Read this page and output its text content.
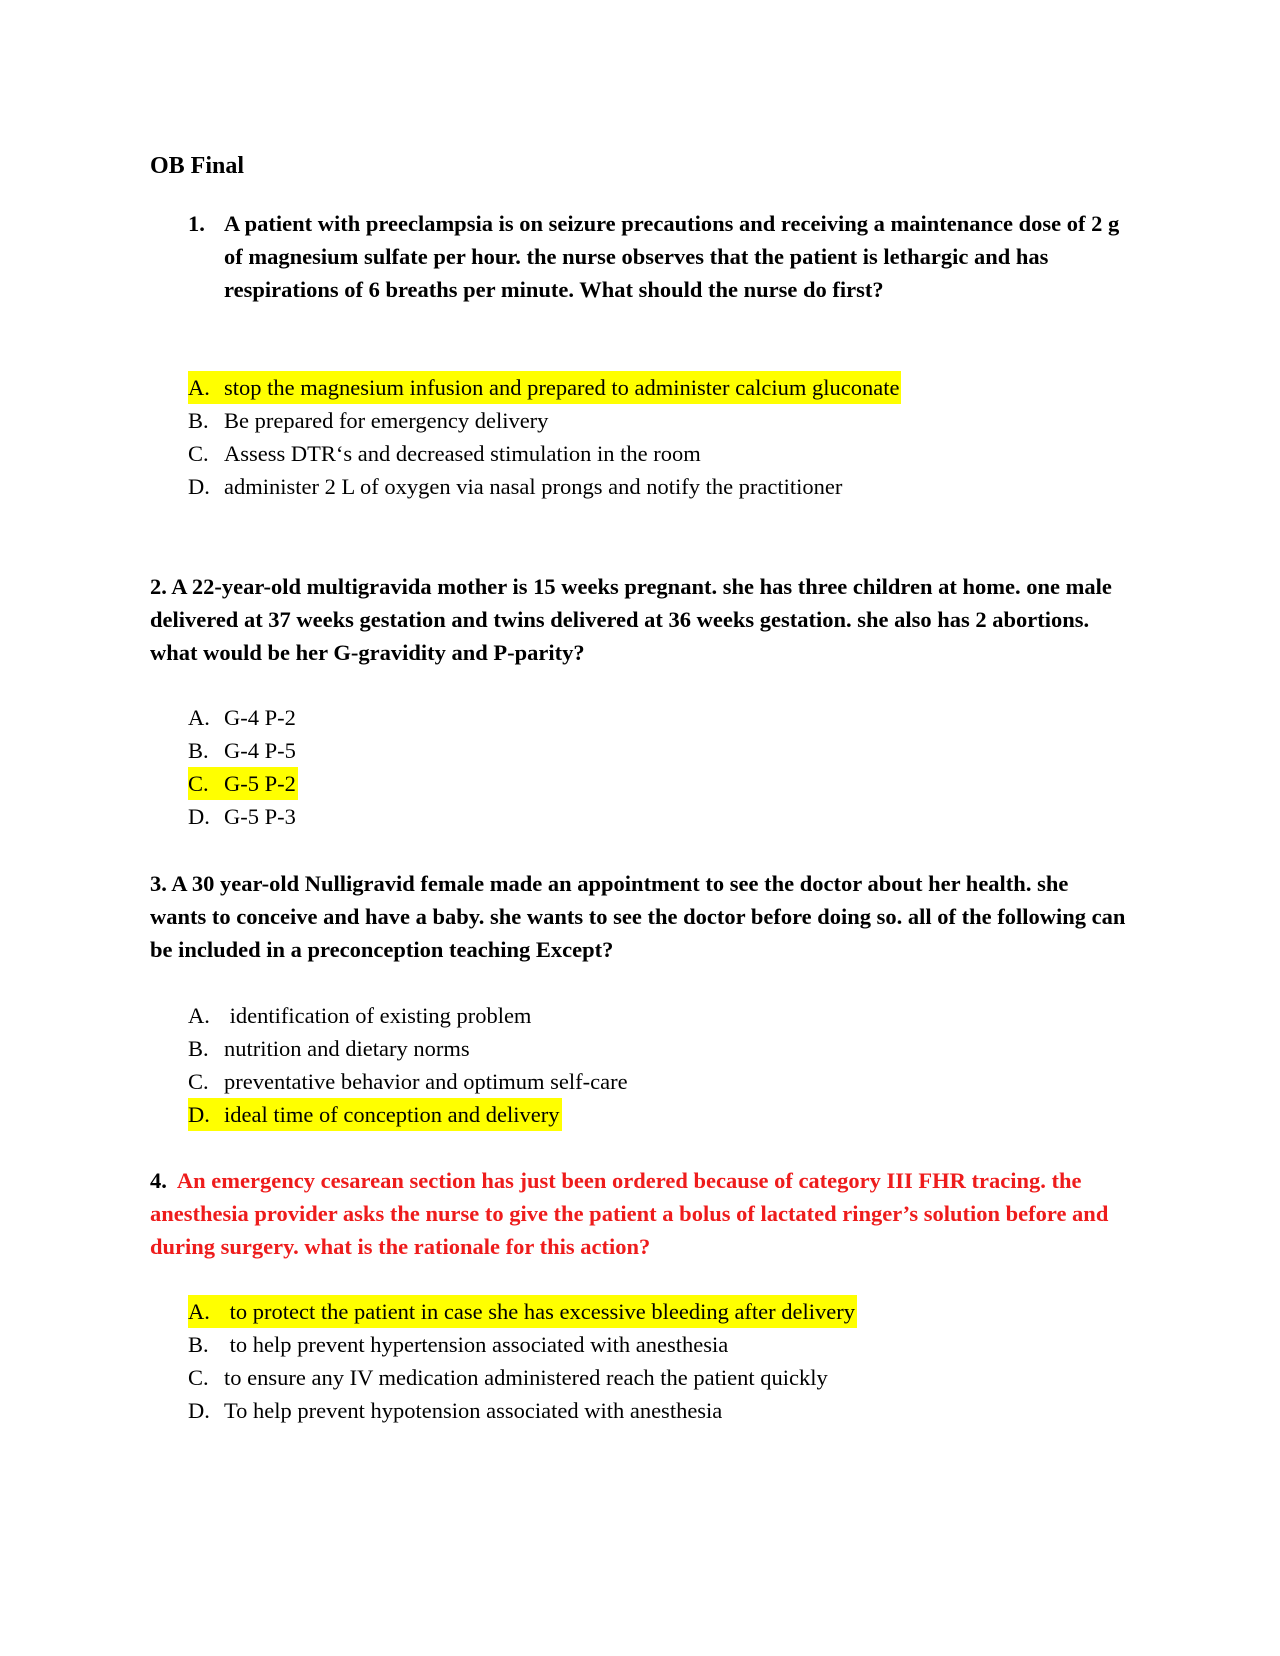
OB Final
1. A patient with preeclampsia is on seizure precautions and receiving a maintenance dose of 2 g of magnesium sulfate per hour. the nurse observes that the patient is lethargic and has respirations of 6 breaths per minute. What should the nurse do first?
A. stop the magnesium infusion and prepared to administer calcium gluconate
B. Be prepared for emergency delivery
C. Assess DTR‘s and decreased stimulation in the room
D. administer 2 L of oxygen via nasal prongs and notify the practitioner
2. A 22-year-old multigravida mother is 15 weeks pregnant. she has three children at home. one male delivered at 37 weeks gestation and twins delivered at 36 weeks gestation. she also has 2 abortions. what would be her G-gravidity and P-parity?
A. G-4 P-2
B. G-4 P-5
C. G-5 P-2
D. G-5 P-3
3. A 30 year-old Nulligravid female made an appointment to see the doctor about her health. she wants to conceive and have a baby. she wants to see the doctor before doing so. all of the following can be included in a preconception teaching Except?
A. identification of existing problem
B. nutrition and dietary norms
C. preventative behavior and optimum self-care
D. ideal time of conception and delivery
4. An emergency cesarean section has just been ordered because of category III FHR tracing. the anesthesia provider asks the nurse to give the patient a bolus of lactated ringer’s solution before and during surgery. what is the rationale for this action?
A. to protect the patient in case she has excessive bleeding after delivery
B. to help prevent hypertension associated with anesthesia
C. to ensure any IV medication administered reach the patient quickly
D. To help prevent hypotension associated with anesthesia
